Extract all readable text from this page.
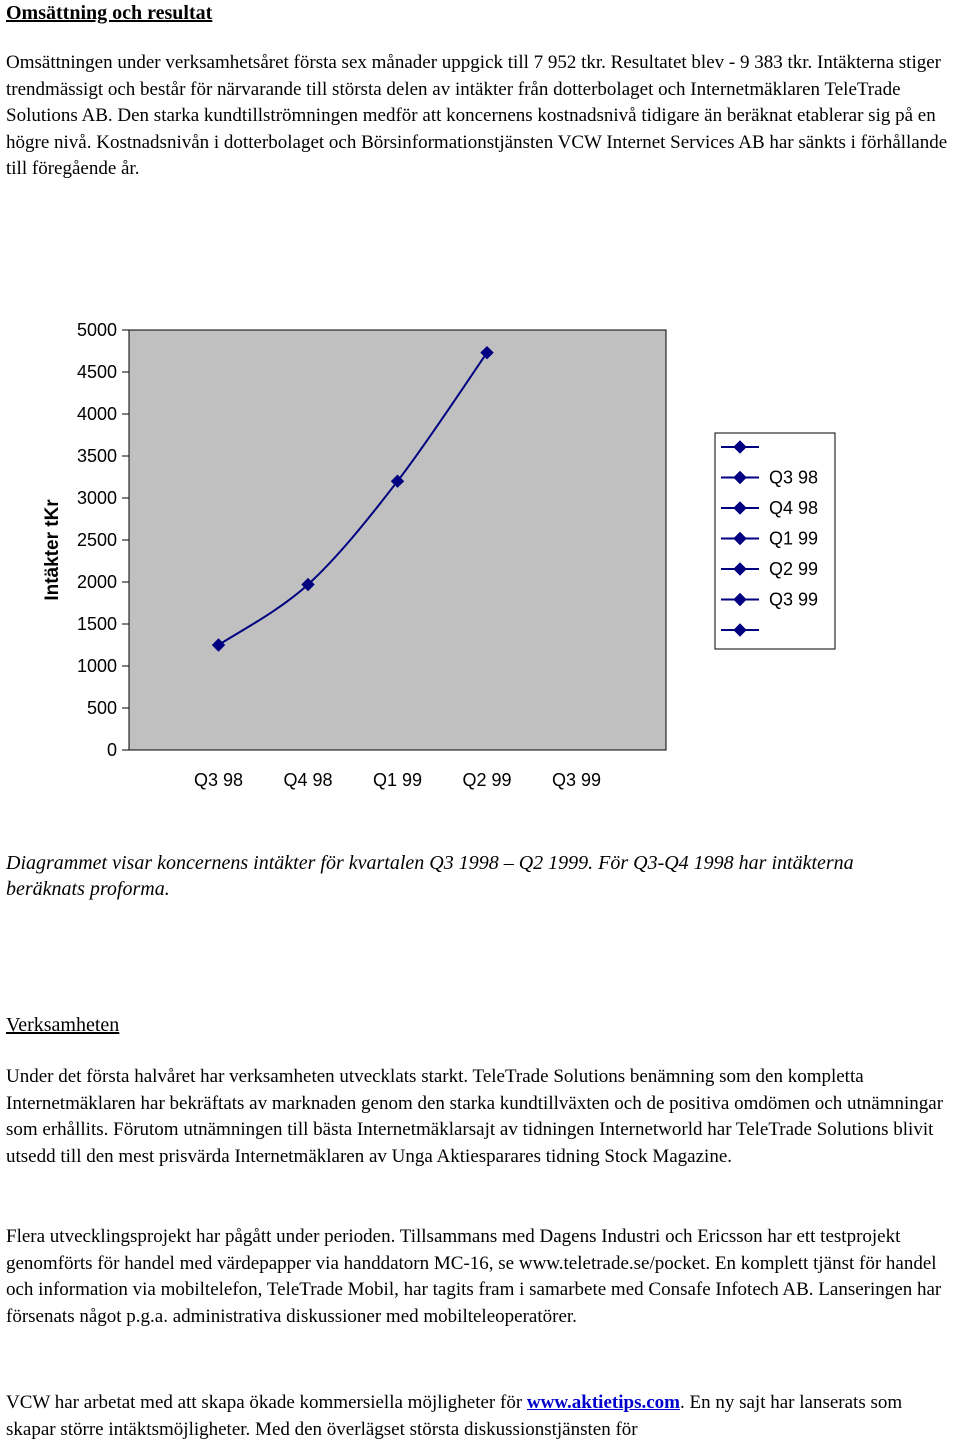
Omsättning och resultat

Omsättningen under verksamhetsåret första sex månader uppgick till 7 952 tkr. Resultatet blev - 9 383 tkr. Intäkterna stiger trendmässigt och består för närvarande till största delen av intäkter från dotterbolaget och Internetmäklaren TeleTrade Solutions AB. Den starka kundtillströmningen medför att koncernens kostnadsnivå tidigare än beräknat etablerar sig på en högre nivå. Kostnadsnivån i dotterbolaget och Börsinformationstjänsten VCW Internet Services AB har sänkts i förhållande till föregående år.

0
500
1000
1500
2000
2500
3000
3500
4000
4500
5000
Q3 98 Q4 98 Q1 99 Q2 99 Q3 99
Intäkter tKr
Q3 98
Q4 98
Q1 99
Q2 99
Q3 99

Diagrammet visar koncernens intäkter för kvartalen Q3 1998 – Q2 1999. För Q3-Q4 1998 har intäkterna beräknats proforma.

Verksamheten

Under det första halvåret har verksamheten utvecklats starkt. TeleTrade Solutions benämning som den kompletta Internetmäklaren har bekräftats av marknaden genom den starka kundtillväxten och de positiva omdömen och utnämningar som erhållits. Förutom utnämningen till bästa Internetmäklarsajt av tidningen Internetworld har TeleTrade Solutions blivit utsedd till den mest prisvärda Internetmäklaren av Unga Aktiesparares tidning Stock Magazine.

Flera utvecklingsprojekt har pågått under perioden. Tillsammans med Dagens Industri och Ericsson har ett testprojekt genomförts för handel med värdepapper via handdatorn MC-16, se www.teletrade.se/pocket. En komplett tjänst för handel och information via mobiltelefon, TeleTrade Mobil, har tagits fram i samarbete med Consafe Infotech AB. Lanseringen har försenats något p.g.a. administrativa diskussioner med mobilteleoperatörer.

VCW har arbetat med att skapa ökade kommersiella möjligheter för www.aktietips.com. En ny sajt har lanserats som skapar större intäktsmöjligheter. Med den överlägset största diskussionstjänsten för
